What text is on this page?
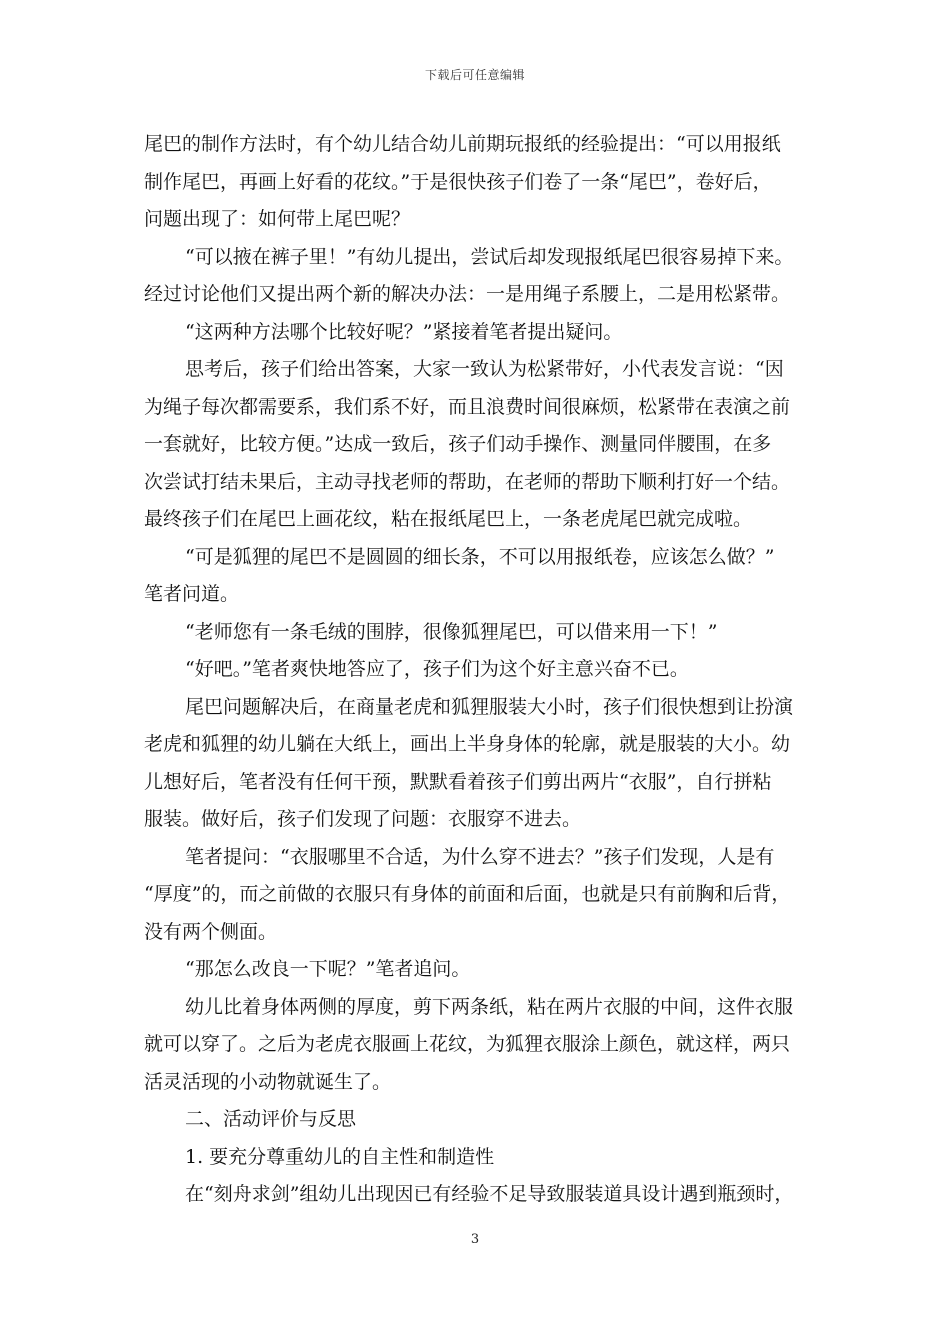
下载后可任意编辑
尾巴的制作方法时，有个幼儿结合幼儿前期玩报纸的经验提出：“可以用报纸
制作尾巴，再画上好看的花纹。”于是很快孩子们卷了一条“尾巴”，卷好后，
问题出现了：如何带上尾巴呢？
“可以掖在裤子里！”有幼儿提出，尝试后却发现报纸尾巴很容易掉下来。
经过讨论他们又提出两个新的解决办法：一是用绳子系腰上，二是用松紧带。
“这两种方法哪个比较好呢？”紧接着笔者提出疑问。
思考后，孩子们给出答案，大家一致认为松紧带好，小代表发言说：“因
为绳子每次都需要系，我们系不好，而且浪费时间很麻烦，松紧带在表演之前
一套就好，比较方便。”达成一致后，孩子们动手操作、测量同伴腰围，在多
次尝试打结未果后，主动寻找老师的帮助，在老师的帮助下顺利打好一个结。
最终孩子们在尾巴上画花纹，粘在报纸尾巴上，一条老虎尾巴就完成啦。
“可是狐狸的尾巴不是圆圆的细长条，不可以用报纸卷，应该怎么做？”
笔者问道。
“老师您有一条毛绒的围脖，很像狐狸尾巴，可以借来用一下！”
“好吧。”笔者爽快地答应了，孩子们为这个好主意兴奋不已。
尾巴问题解决后，在商量老虎和狐狸服装大小时，孩子们很快想到让扮演
老虎和狐狸的幼儿躺在大纸上，画出上半身身体的轮廓，就是服装的大小。幼
儿想好后，笔者没有任何干预，默默看着孩子们剪出两片“衣服”，自行拼粘
服装。做好后，孩子们发现了问题：衣服穿不进去。
笔者提问：“衣服哪里不合适，为什么穿不进去？”孩子们发现，人是有
“厚度”的，而之前做的衣服只有身体的前面和后面，也就是只有前胸和后背，
没有两个侧面。
“那怎么改良一下呢？”笔者追问。
幼儿比着身体两侧的厚度，剪下两条纸，粘在两片衣服的中间，这件衣服
就可以穿了。之后为老虎衣服画上花纹，为狐狸衣服涂上颜色，就这样，两只
活灵活现的小动物就诞生了。
二、活动评价与反思
1. 要充分尊重幼儿的自主性和制造性
在“刻舟求剑”组幼儿出现因已有经验不足导致服装道具设计遇到瓶颈时，
3
